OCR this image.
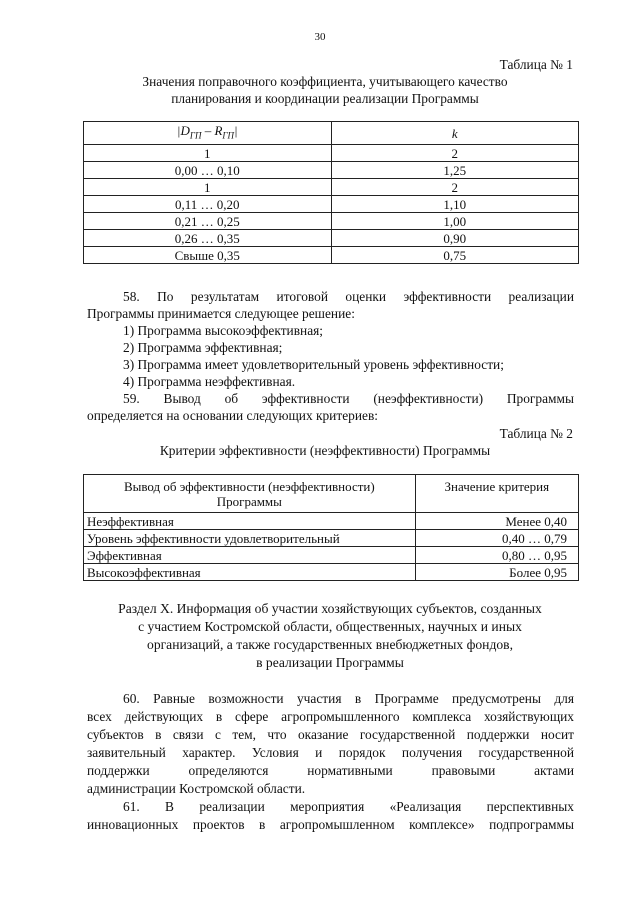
30
Таблица № 1
Значения поправочного коэффициента, учитывающего качество
планирования и координации реализации Программы
$|D_{ГП} - R_{ГП}|$	k
1	2
0,00 … 0,10	1,25
1	2
0,11 … 0,20	1,10
0,21 … 0,25	1,00
0,26 … 0,35	0,90
Свыше 0,35	0,75
58. По результатам итоговой оценки эффективности реализации
Программы принимается следующее решение:
1) Программа высокоэффективная;
2) Программа эффективная;
3) Программа имеет удовлетворительный уровень эффективности;
4) Программа неэффективная.
59. Вывод об эффективности (неэффективности) Программы
определяется на основании следующих критериев:
Таблица № 2
Критерии эффективности (неэффективности) Программы
Вывод об эффективности (неэффективности)
Программы	Значение критерия
Неэффективная	Менее 0,40
Уровень эффективности удовлетворительный	0,40 … 0,79
Эффективная	0,80 … 0,95
Высокоэффективная	Более 0,95
Раздел X. Информация об участии хозяйствующих субъектов, созданных
с участием Костромской области, общественных, научных и иных
организаций, а также государственных внебюджетных фондов,
в реализации Программы
60. Равные возможности участия в Программе предусмотрены для
всех действующих в сфере агропромышленного комплекса хозяйствующих
субъектов в связи с тем, что оказание государственной поддержки носит
заявительный характер. Условия и порядок получения государственной
поддержки определяются нормативными правовыми актами
администрации Костромской области.
61. В реализации мероприятия «Реализация перспективных
инновационных проектов в агропромышленном комплексе» подпрограммы
